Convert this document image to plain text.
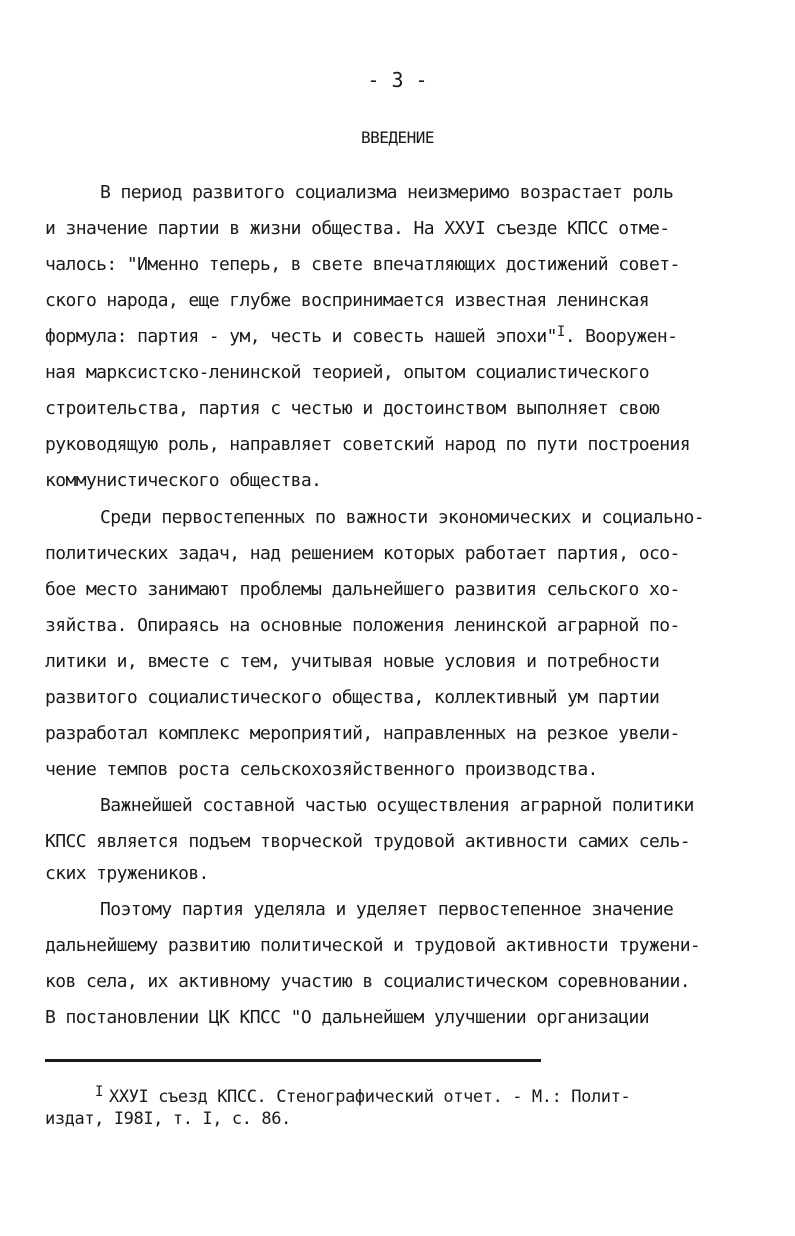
- 3 -
ВВЕДЕНИЕ
В период развитого социализма неизмеримо возрастает роль
и значение партии в жизни общества. На ХХУI съезде КПСС отме-
чалось: "Именно теперь, в свете впечатляющих достижений совет-
ского народа, еще глубже воспринимается известная ленинская
формула: партия - ум, честь и совесть нашей эпохи"$^I$. Вооружен-
ная марксистско-ленинской теорией, опытом социалистического
строительства, партия с честью и достоинством выполняет свою
руководящую роль, направляет советский народ по пути построения
коммунистического общества.
Среди первостепенных по важности экономических и социально-
политических задач, над решением которых работает партия, осо-
бое место занимают проблемы дальнейшего развития сельского хо-
зяйства. Опираясь на основные положения ленинской аграрной по-
литики и, вместе с тем, учитывая новые условия и потребности
развитого социалистического общества, коллективный ум партии
разработал комплекс мероприятий, направленных на резкое увели-
чение темпов роста сельскохозяйственного производства.
Важнейшей составной частью осуществления аграрной политики
КПСС является подъем творческой трудовой активности самих сель-
ских тружеников.
Поэтому партия уделяла и уделяет первостепенное значение
дальнейшему развитию политической и трудовой активности тружени-
ков села, их активному участию в социалистическом соревновании.
В постановлении ЦК КПСС "О дальнейшем улучшении организации
$^I$ ХХУI съезд КПСС. Стенографический отчет. - М.: Полит-
издат, I98I, т. I, с. 86.
